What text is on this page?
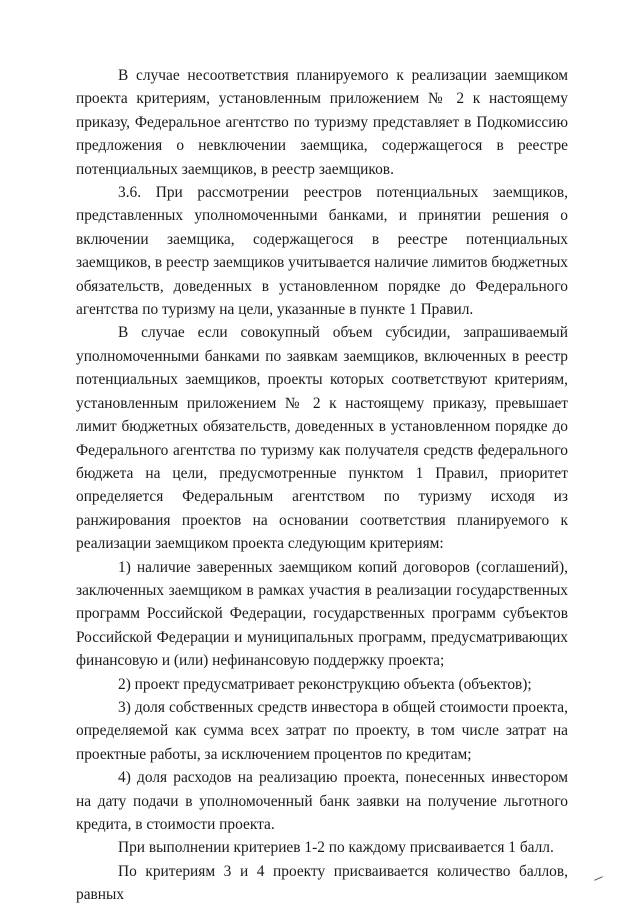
В случае несоответствия планируемого к реализации заемщиком проекта критериям, установленным приложением № 2 к настоящему приказу, Федеральное агентство по туризму представляет в Подкомиссию предложения о невключении заемщика, содержащегося в реестре потенциальных заемщиков, в реестр заемщиков.

3.6. При рассмотрении реестров потенциальных заемщиков, представленных уполномоченными банками, и принятии решения о включении заемщика, содержащегося в реестре потенциальных заемщиков, в реестр заемщиков учитывается наличие лимитов бюджетных обязательств, доведенных в установленном порядке до Федерального агентства по туризму на цели, указанные в пункте 1 Правил.

В случае если совокупный объем субсидии, запрашиваемый уполномоченными банками по заявкам заемщиков, включенных в реестр потенциальных заемщиков, проекты которых соответствуют критериям, установленным приложением № 2 к настоящему приказу, превышает лимит бюджетных обязательств, доведенных в установленном порядке до Федерального агентства по туризму как получателя средств федерального бюджета на цели, предусмотренные пунктом 1 Правил, приоритет определяется Федеральным агентством по туризму исходя из ранжирования проектов на основании соответствия планируемого к реализации заемщиком проекта следующим критериям:

1) наличие заверенных заемщиком копий договоров (соглашений), заключенных заемщиком в рамках участия в реализации государственных программ Российской Федерации, государственных программ субъектов Российской Федерации и муниципальных программ, предусматривающих финансовую и (или) нефинансовую поддержку проекта;

2) проект предусматривает реконструкцию объекта (объектов);

3) доля собственных средств инвестора в общей стоимости проекта, определяемой как сумма всех затрат по проекту, в том числе затрат на проектные работы, за исключением процентов по кредитам;

4) доля расходов на реализацию проекта, понесенных инвестором на дату подачи в уполномоченный банк заявки на получение льготного кредита, в стоимости проекта.

При выполнении критериев 1-2 по каждому присваивается 1 балл.

По критериям 3 и 4 проекту присваивается количество баллов, равных
